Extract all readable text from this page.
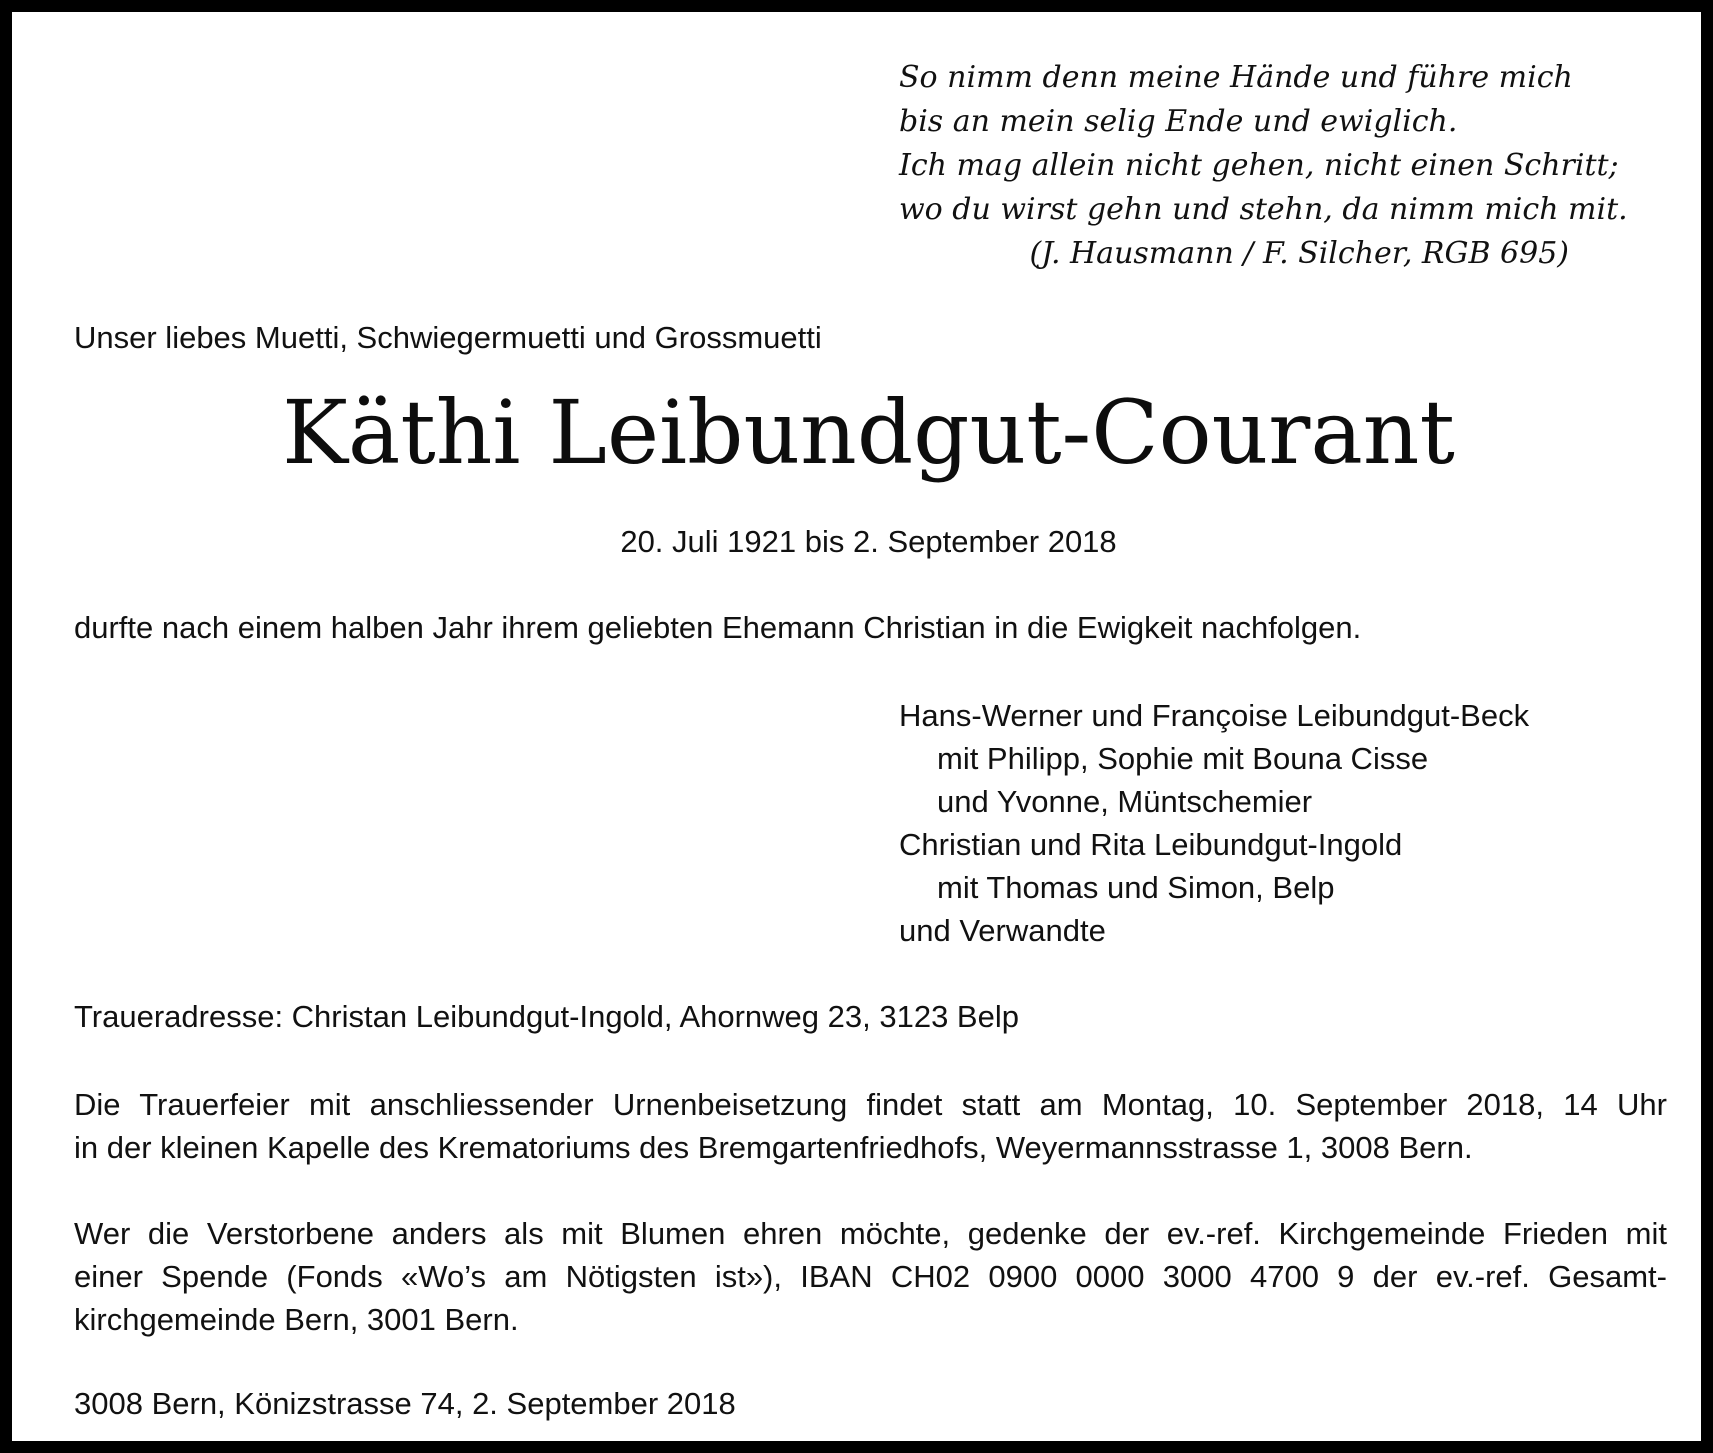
So nimm denn meine Hände und führe mich
bis an mein selig Ende und ewiglich.
Ich mag allein nicht gehen, nicht einen Schritt;
wo du wirst gehn und stehn, da nimm mich mit.
(J. Hausmann / F. Silcher, RGB 695)
Unser liebes Muetti, Schwiegermuetti und Grossmuetti
Käthi Leibundgut-Courant
20. Juli 1921 bis 2. September 2018
durfte nach einem halben Jahr ihrem geliebten Ehemann Christian in die Ewigkeit nachfolgen.
Hans-Werner und Françoise Leibundgut-Beck
mit Philipp, Sophie mit Bouna Cisse
und Yvonne, Müntschemier
Christian und Rita Leibundgut-Ingold
mit Thomas und Simon, Belp
und Verwandte
Traueradresse: Christan Leibundgut-Ingold, Ahornweg 23, 3123 Belp
Die Trauerfeier mit anschliessender Urnenbeisetzung findet statt am Montag, 10. September 2018, 14 Uhr
in der kleinen Kapelle des Krematoriums des Bremgartenfriedhofs, Weyermannsstrasse 1, 3008 Bern.
Wer die Verstorbene anders als mit Blumen ehren möchte, gedenke der ev.-ref. Kirchgemeinde Frieden mit
einer Spende (Fonds «Wo’s am Nötigsten ist»), IBAN CH02 0900 0000 3000 4700 9 der ev.-ref. Gesamt-
kirchgemeinde Bern, 3001 Bern.
3008 Bern, Könizstrasse 74, 2. September 2018
